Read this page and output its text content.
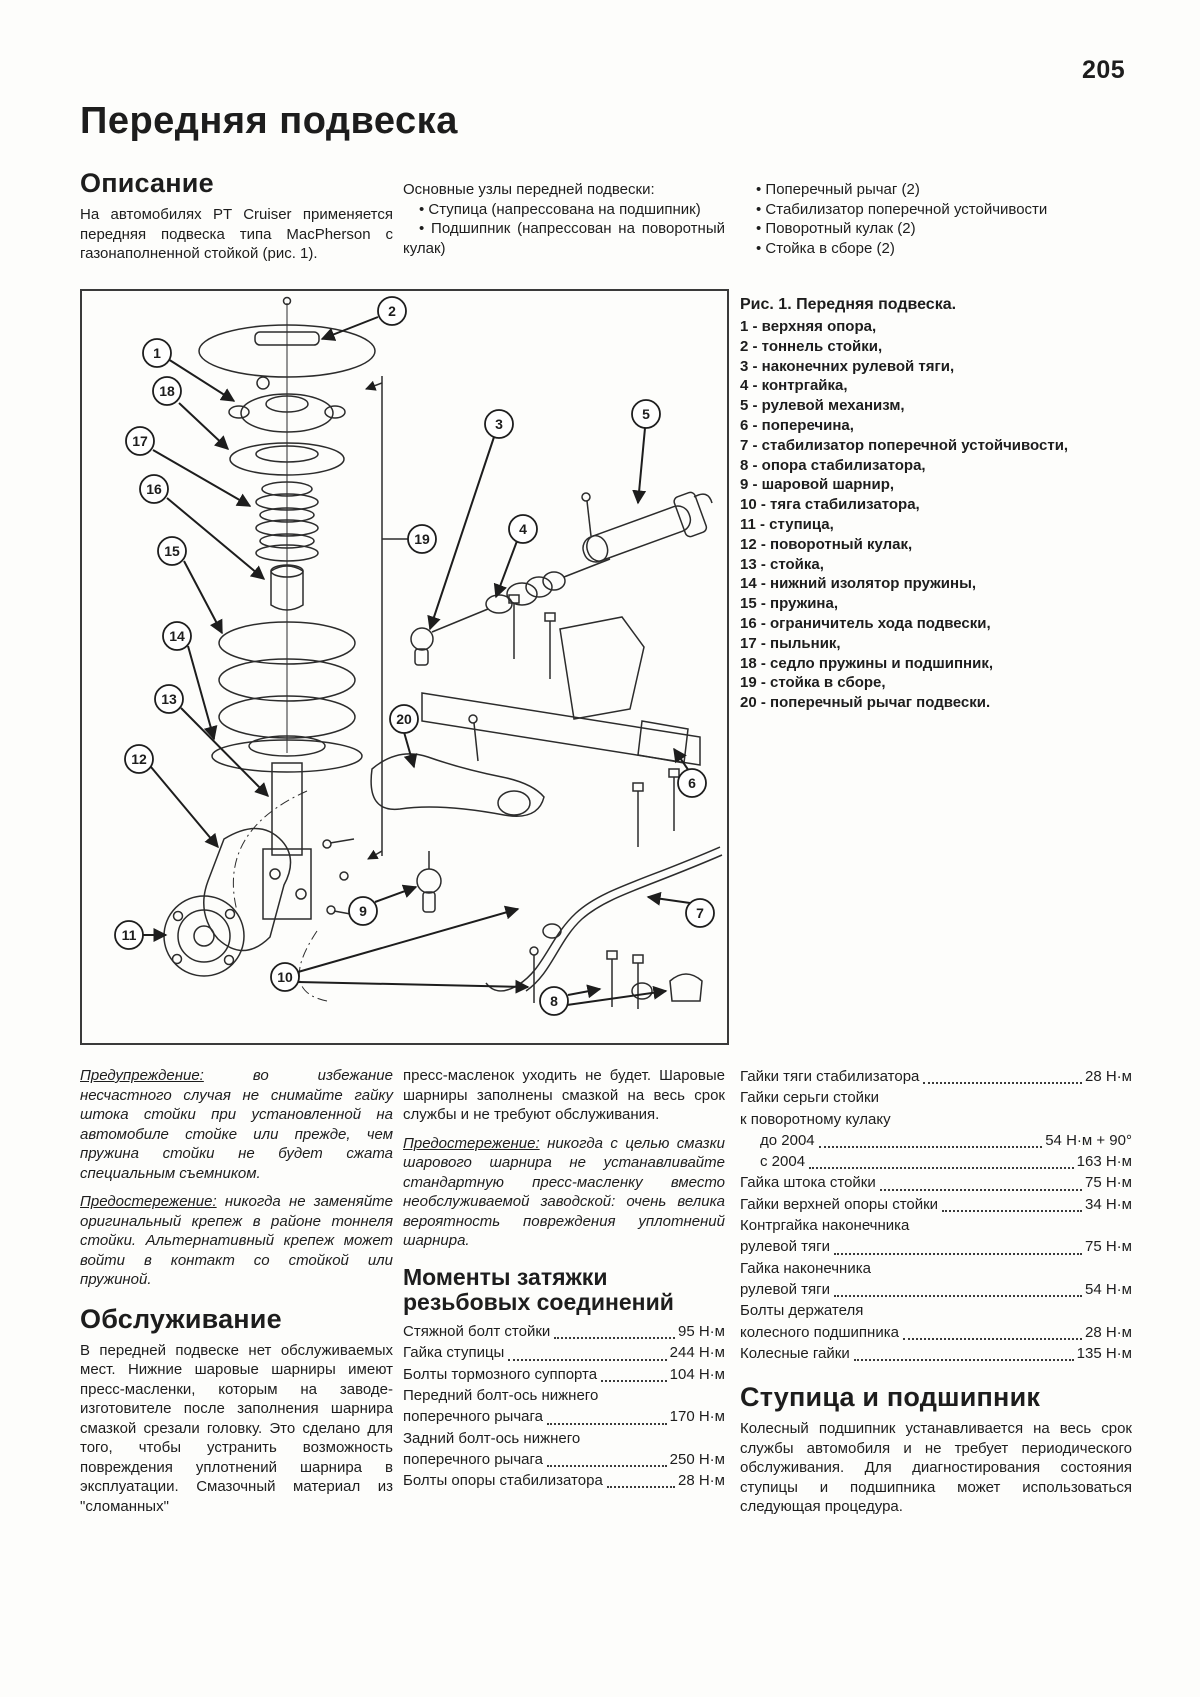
205
Передняя подвеска
Описание

На автомобилях PT Cruiser применяется передняя подвеска типа MacPherson с газонаполненной стойкой (рис. 1).

Основные узлы передней подвески:
• Ступица (напрессована на подшипник)
• Подшипник (напрессован на поворотный кулак)
• Поперечный рычаг (2)
• Стабилизатор поперечной устойчивости
• Поворотный кулак (2)
• Стойка в сборе (2)
1
2
3
4
5
6
7
8
9
10
11
12
13
14
15
16
17
18
19
20
Рис. 1. Передняя подвеска.
1 - верхняя опора,
2 - тоннель стойки,
3 - наконечних рулевой тяги,
4 - контргайка,
5 - рулевой механизм,
6 - поперечина,
7 - стабилизатор поперечной устойчивости,
8 - опора стабилизатора,
9 - шаровой шарнир,
10 - тяга стабилизатора,
11 - ступица,
12 - поворотный кулак,
13 - стойка,
14 - нижний изолятор пружины,
15 - пружина,
16 - ограничитель хода подвески,
17 - пыльник,
18 - седло пружины и подшипник,
19 - стойка в сборе,
20 - поперечный рычаг подвески.

Предупреждение: во избежание несчастного случая не снимайте гайку штока стойки при установленной на автомобиле стойке или прежде, чем пружина стойки не будет сжата специальным съемником.

Предостережение: никогда не заменяйте оригинальный крепеж в районе тоннеля стойки. Альтернативный крепеж может войти в контакт со стойкой или пружиной.

Обслуживание

В передней подвеске нет обслуживаемых мест. Нижние шаровые шарниры имеют пресс-масленки, которым на заводе-изготовителе после заполнения шарнира смазкой срезали головку. Это сделано для того, чтобы устранить возможность повреждения уплотнений шарнира в эксплуатации. Смазочный материал из "сломанных"

пресс-масленок уходить не будет. Шаровые шарниры заполнены смазкой на весь срок службы и не требуют обслуживания.

Предостережение: никогда с целью смазки шарового шарнира не устанавливайте стандартную пресс-масленку вместо необслуживаемой заводской: очень велика вероятность повреждения уплотнений шарнира.

Моменты затяжки резьбовых соединений
Стяжной болт стойки	95 Н·м
Гайка ступицы	244 Н·м
Болты тормозного суппорта	104 Н·м
Передний болт-ось нижнего
поперечного рычага	170 Н·м
Задний болт-ось нижнего
поперечного рычага	250 Н·м
Болты опоры стабилизатора	28 Н·м
Гайки тяги стабилизатора	28 Н·м
Гайки серьги стойки
к поворотному кулаку
до 2004	54 Н·м + 90°
с 2004	163 Н·м
Гайка штока стойки	75 Н·м
Гайки верхней опоры стойки	34 Н·м
Контргайка наконечника
рулевой тяги	75 Н·м
Гайка наконечника
рулевой тяги	54 Н·м
Болты держателя
колесного подшипника	28 Н·м
Колесные гайки	135 Н·м
Ступица и подшипник

Колесный подшипник устанавливается на весь срок службы автомобиля и не требует периодического обслуживания. Для диагностирования состояния ступицы и подшипника может использоваться следующая процедура.
